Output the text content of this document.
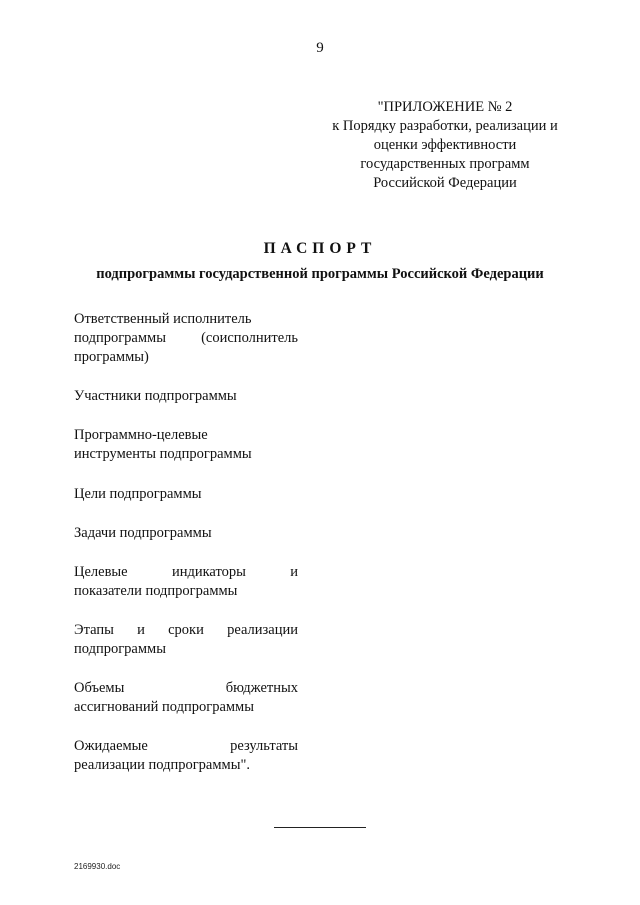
9
"ПРИЛОЖЕНИЕ № 2
к Порядку разработки, реализации и
оценки эффективности
государственных программ
Российской Федерации
ПАСПОРТ
подпрограммы государственной программы Российской Федерации
Ответственный исполнитель
подпрограммы (соисполнитель
программы)
Участники подпрограммы
Программно-целевые
инструменты подпрограммы
Цели подпрограммы
Задачи подпрограммы
Целевые	индикаторы	и
показатели подпрограммы
Этапы и сроки реализации
подпрограммы
Объемы	бюджетных
ассигнований подпрограммы
Ожидаемые	результаты
реализации подпрограммы".
2169930.doc
